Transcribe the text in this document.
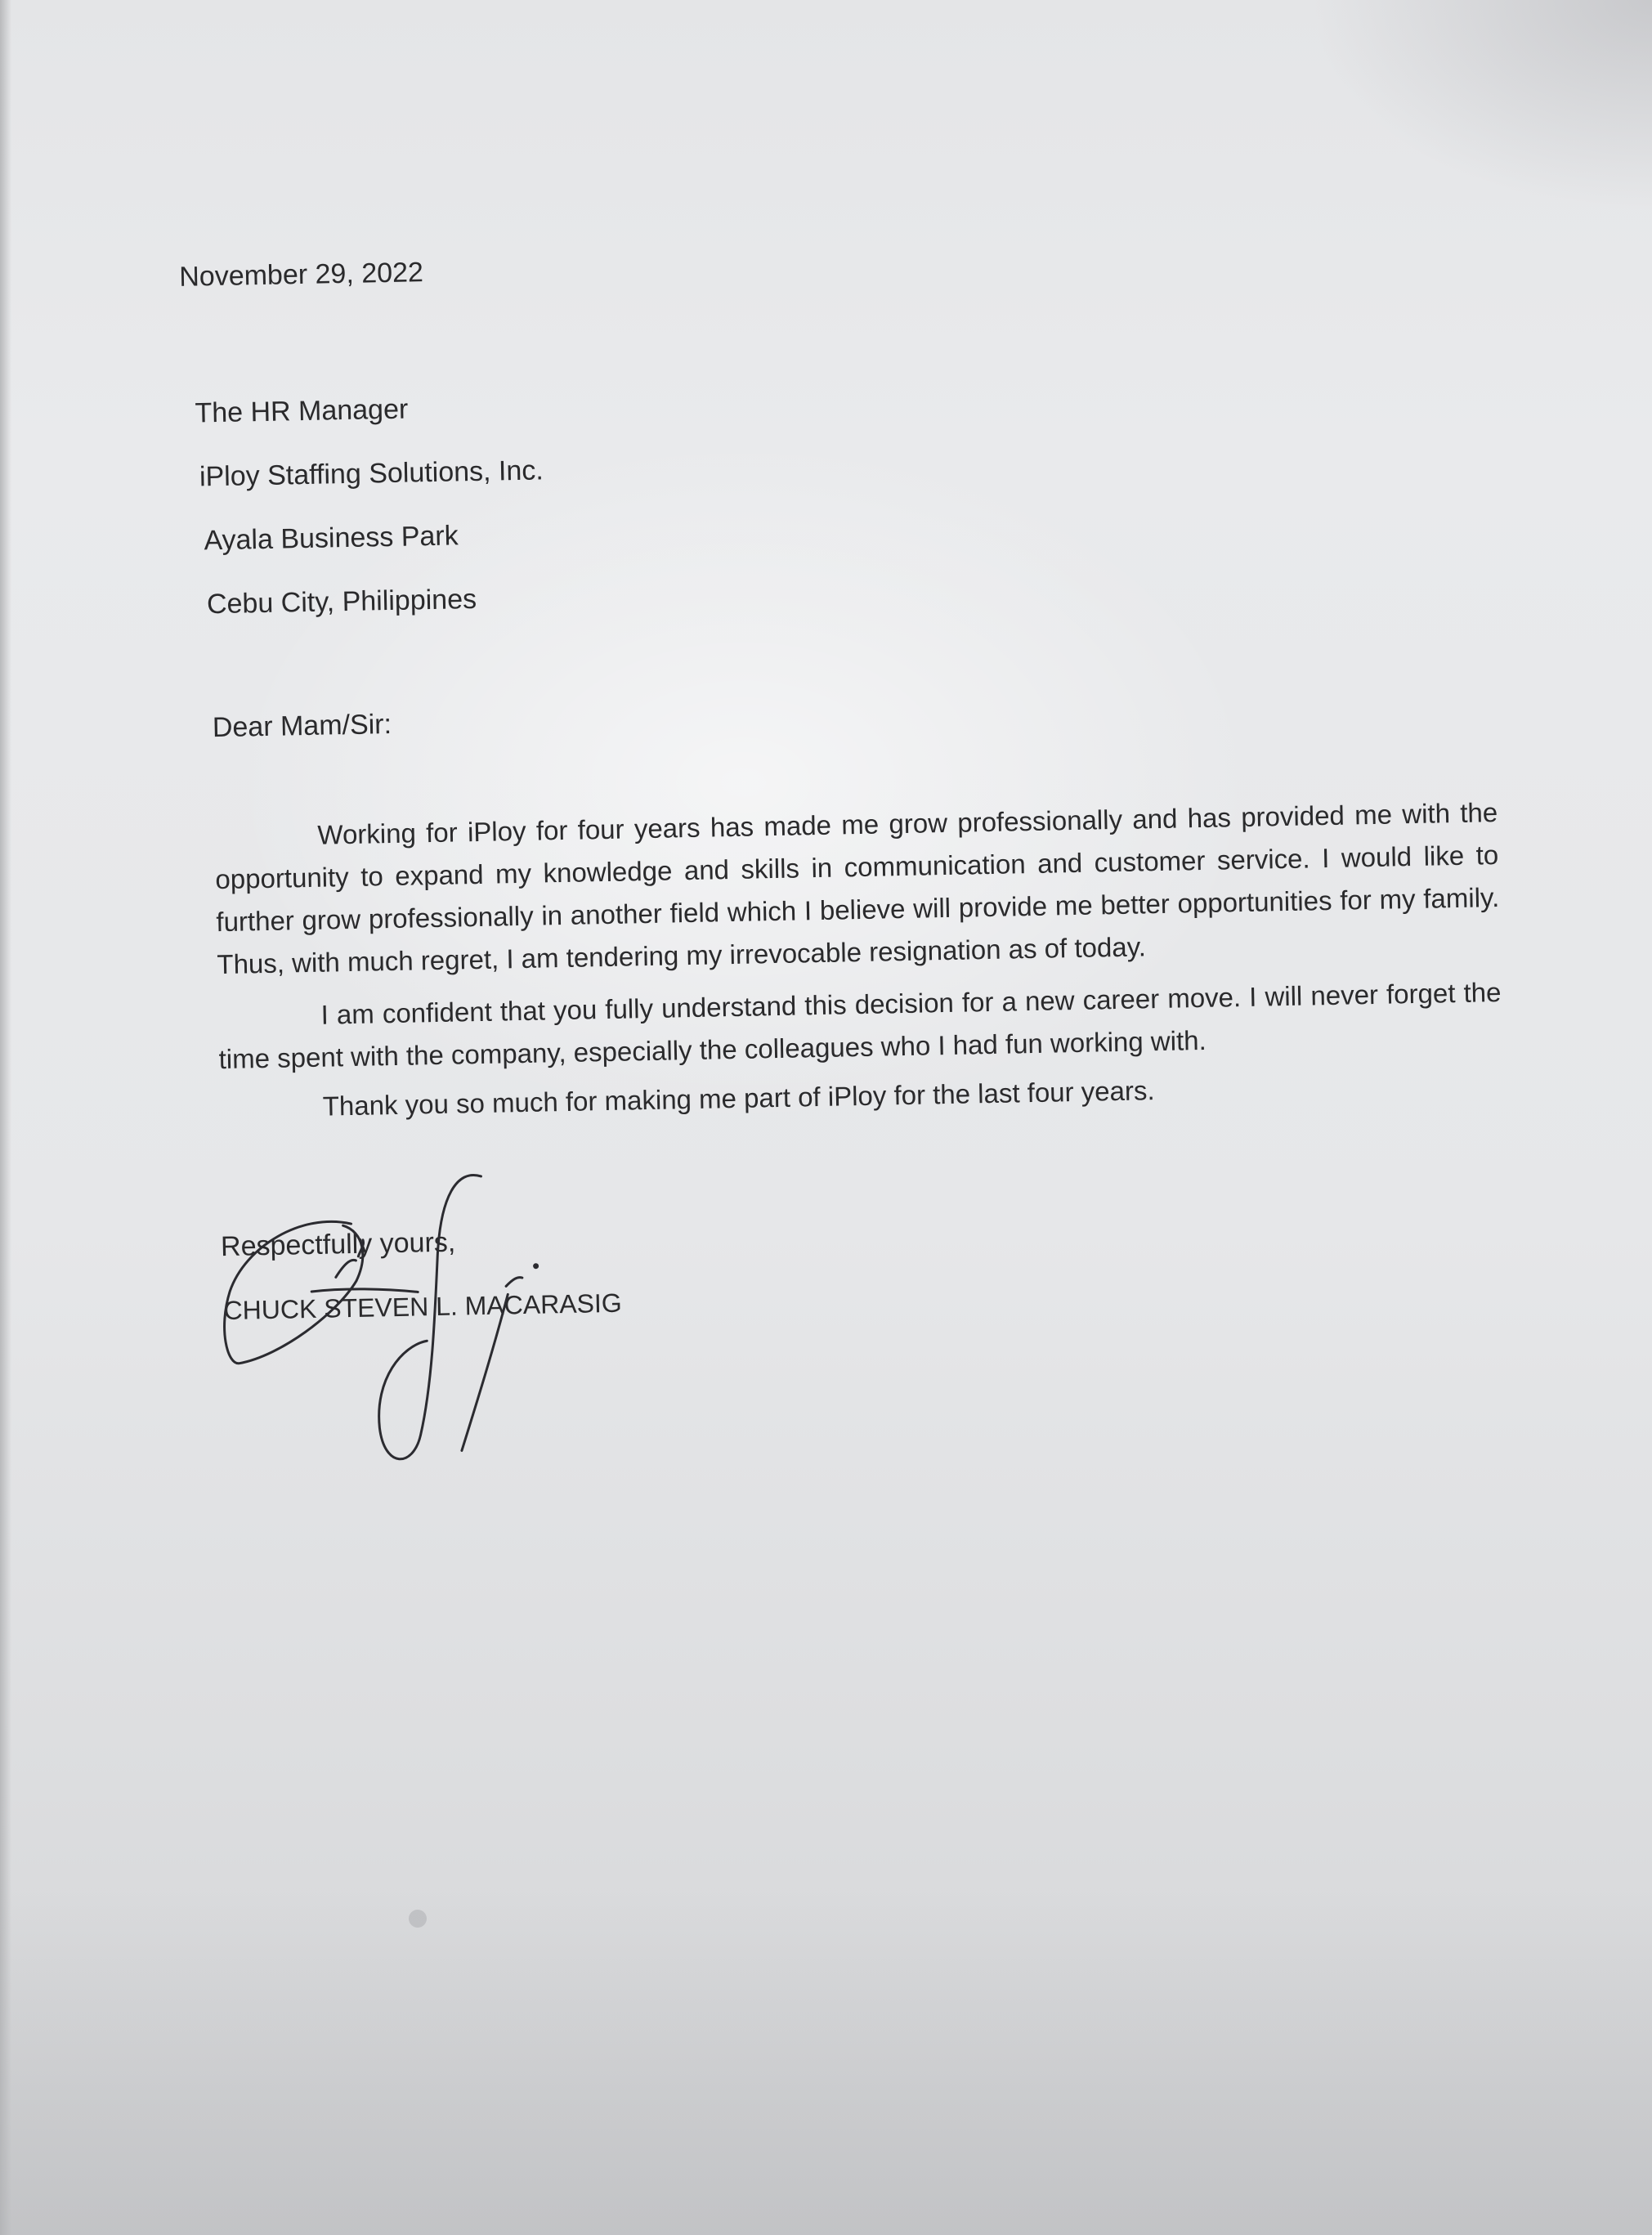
November 29, 2022
The HR Manager
iPloy Staffing Solutions, Inc.
Ayala Business Park
Cebu City, Philippines
Dear Mam/Sir:
Working for iPloy for four years has made me grow professionally and has provided me with the opportunity to expand my knowledge and skills in communication and customer service. I would like to further grow professionally in another field which I believe will provide me better opportunities for my family. Thus, with much regret, I am tendering my irrevocable resignation as of today.
I am confident that you fully understand this decision for a new career move. I will never forget the time spent with the company, especially the colleagues who I had fun working with.
Thank you so much for making me part of iPloy for the last four years.
Respectfully yours,
CHUCK STEVEN L. MACARASIG
